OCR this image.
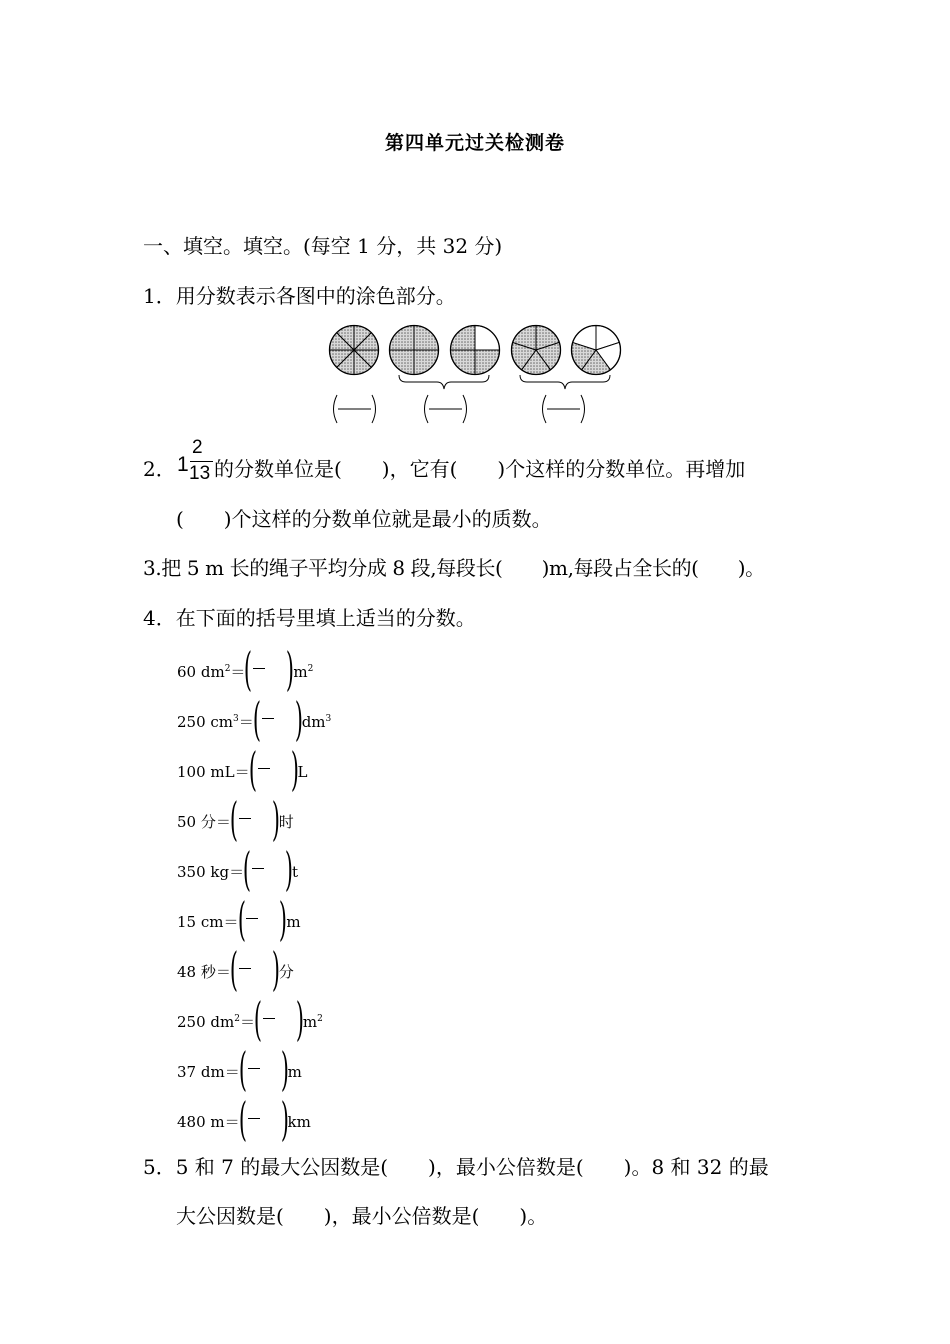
第四单元过关检测卷
一、填空。填空。(每空 1 分，共 32 分)
1．用分数表示各图中的涂色部分。
2． 1
2
13 的分数单位是(　　)，它有(　　)个这样的分数单位。再增加
(　　)个这样的分数单位就是最小的质数。
3.把 5 m 长的绳子平均分成 8 段,每段长(　　)m,每段占全长的(　　)。
4．在下面的括号里填上适当的分数。
60 $dm^2=$( )$m^2$
250 $cm^3=$( )$dm^3$
100 mL＝( )L
50 分＝( )时
350 kg＝( )t
15 cm＝( )m
48 秒＝( )分
250 $dm^2=$( )$m^2$
37 dm＝( )m
480 m＝( )km
5．5 和 7 的最大公因数是(　　)，最小公倍数是(　　)。8 和 32 的最
大公因数是(　　)，最小公倍数是(　　)。
